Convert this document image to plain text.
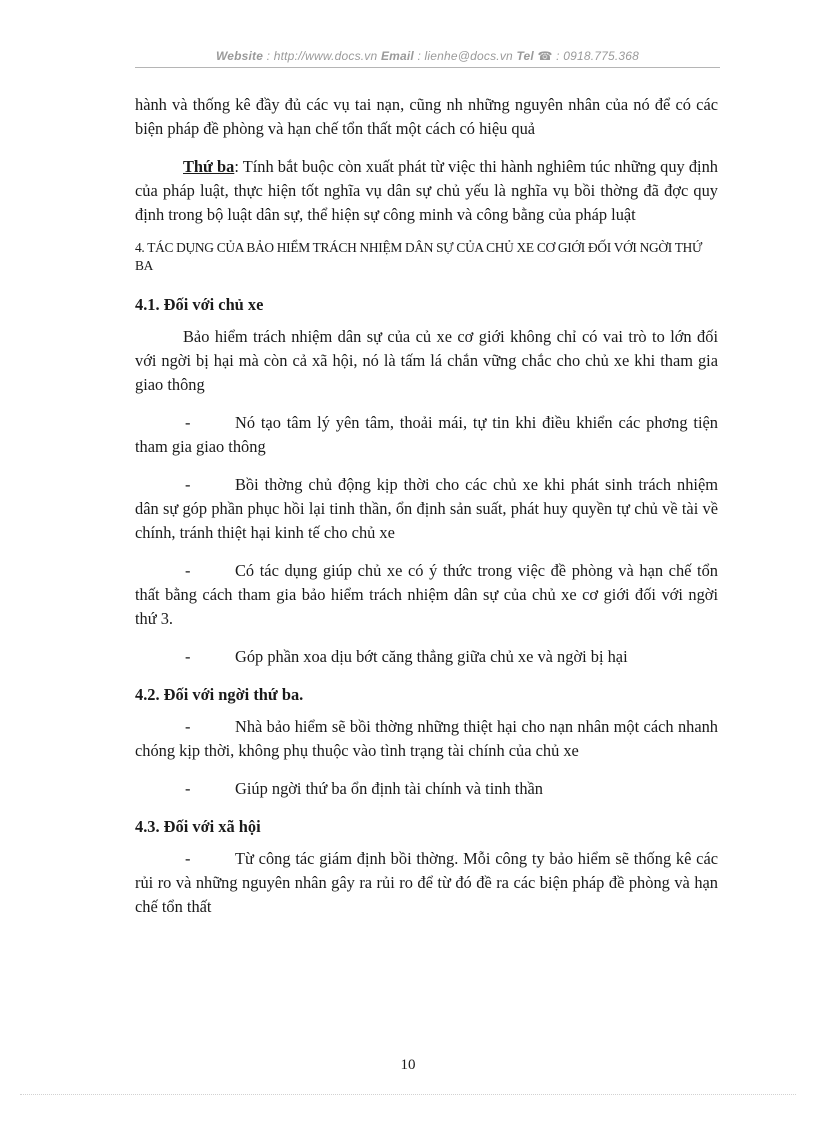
Website : http://www.docs.vn Email : lienhe@docs.vn Tel ☎ : 0918.775.368

hành và thống kê đầy đủ các vụ tai nạn, cũng nh những nguyên nhân của nó để có các biện pháp đề phòng và hạn chế tổn thất một cách có hiệu quả

Thứ ba: Tính bắt buộc còn xuất phát từ việc thi hành nghiêm túc những quy định của pháp luật, thực hiện tốt nghĩa vụ dân sự chủ yếu là nghĩa vụ bồi thờng đã đợc quy định trong bộ luật dân sự, thể hiện sự công minh và công bằng của pháp luật

4. TÁC DỤNG CỦA BẢO HIỂM TRÁCH NHIỆM DÂN SỰ CỦA CHỦ XE CƠ GIỚI ĐỐI VỚI NGỜI THỨ BA

4.1. Đối với chủ xe

Bảo hiểm trách nhiệm dân sự của củ xe cơ giới không chỉ có vai trò to lớn đối với ngời bị hại mà còn cả xã hội, nó là tấm lá chắn vững chắc cho chủ xe khi tham gia giao thông

-	Nó tạo tâm lý yên tâm, thoải mái, tự tin khi điều khiển các phơng tiện tham gia giao thông

-	Bồi thờng chủ động kịp thời cho các chủ xe khi phát sinh trách nhiệm dân sự góp phần phục hồi lại tinh thần, ổn định sản suất, phát huy quyền tự chủ về tài về chính, tránh thiệt hại kinh tế cho chủ xe

-	Có tác dụng giúp chủ xe có ý thức trong việc đề phòng và hạn chế tổn thất bằng cách tham gia bảo hiểm trách nhiệm dân sự của chủ xe cơ giới đối với ngời thứ 3.

-	Góp phần xoa dịu bớt căng thẳng giữa chủ xe và ngời bị hại

4.2. Đối với ngời thứ ba.

-	Nhà bảo hiểm sẽ bồi thờng những thiệt hại cho nạn nhân một cách nhanh chóng kịp thời, không phụ thuộc vào tình trạng tài chính của chủ xe

-	Giúp ngời thứ ba ổn định tài chính và tinh thần

4.3. Đối với xã hội

-	Từ công tác giám định bồi thờng. Mỗi công ty bảo hiểm sẽ thống kê các rủi ro và những nguyên nhân gây ra rủi ro để từ đó đề ra các biện pháp đề phòng và hạn chế tổn thất

10
